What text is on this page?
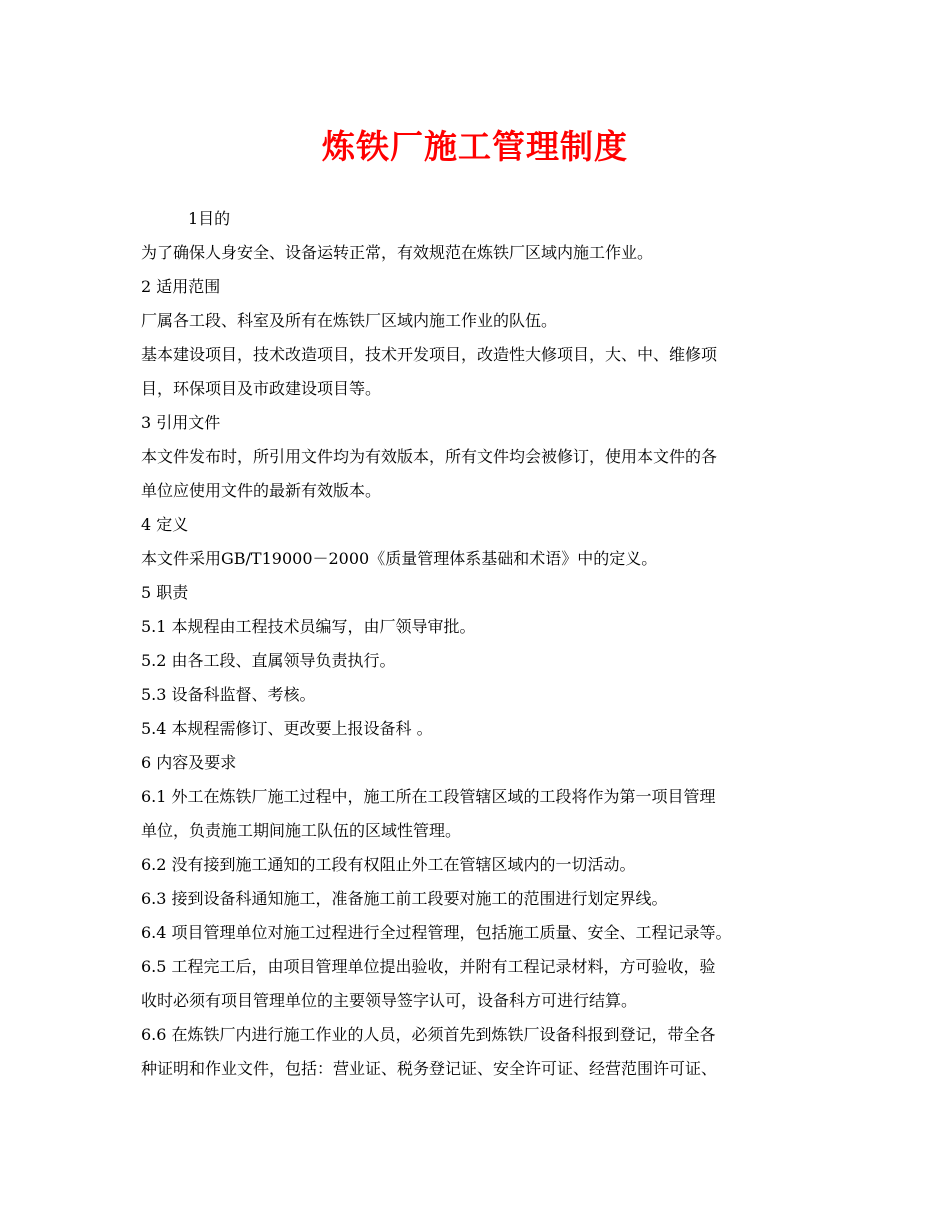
炼铁厂施工管理制度
1目的
为了确保人身安全、设备运转正常，有效规范在炼铁厂区域内施工作业。
2 适用范围
厂属各工段、科室及所有在炼铁厂区域内施工作业的队伍。
基本建设项目，技术改造项目，技术开发项目，改造性大修项目，大、中、维修项
目，环保项目及市政建设项目等。
3 引用文件
本文件发布时，所引用文件均为有效版本，所有文件均会被修订，使用本文件的各
单位应使用文件的最新有效版本。
4 定义
本文件采用GB/T19000－2000《质量管理体系基础和术语》中的定义。
5 职责
5.1 本规程由工程技术员编写，由厂领导审批。
5.2 由各工段、直属领导负责执行。
5.3 设备科监督、考核。
5.4 本规程需修订、更改要上报设备科 。
6 内容及要求
6.1 外工在炼铁厂施工过程中，施工所在工段管辖区域的工段将作为第一项目管理
单位，负责施工期间施工队伍的区域性管理。
6.2 没有接到施工通知的工段有权阻止外工在管辖区域内的一切活动。
6.3 接到设备科通知施工，准备施工前工段要对施工的范围进行划定界线。
6.4 项目管理单位对施工过程进行全过程管理，包括施工质量、安全、工程记录等。
6.5 工程完工后，由项目管理单位提出验收，并附有工程记录材料，方可验收，验
收时必须有项目管理单位的主要领导签字认可，设备科方可进行结算。
6.6 在炼铁厂内进行施工作业的人员，必须首先到炼铁厂设备科报到登记，带全各
种证明和作业文件，包括：营业证、税务登记证、安全许可证、经营范围许可证、
